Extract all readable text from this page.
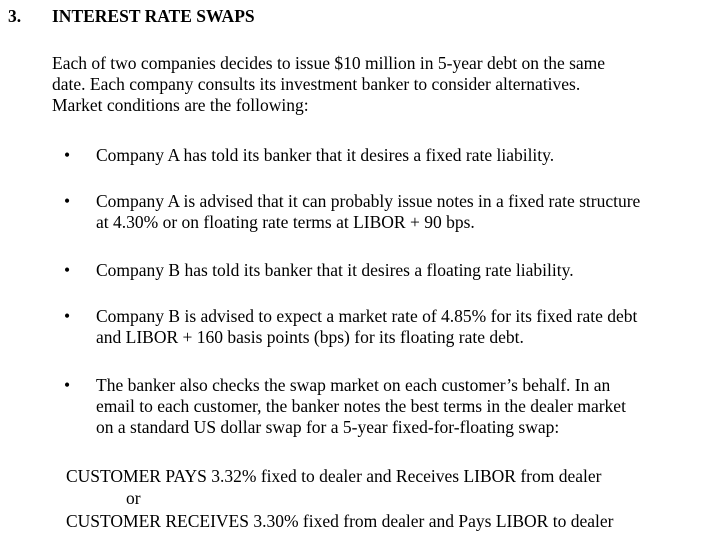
3. INTEREST RATE SWAPS
Each of two companies decides to issue $10 million in 5-year debt on the same
date. Each company consults its investment banker to consider alternatives.
Market conditions are the following:
• Company A has told its banker that it desires a fixed rate liability.
• Company A is advised that it can probably issue notes in a fixed rate structure
at 4.30% or on floating rate terms at LIBOR + 90 bps.
• Company B has told its banker that it desires a floating rate liability.
• Company B is advised to expect a market rate of 4.85% for its fixed rate debt
and LIBOR + 160 basis points (bps) for its floating rate debt.
• The banker also checks the swap market on each customer’s behalf. In an
email to each customer, the banker notes the best terms in the dealer market
on a standard US dollar swap for a 5-year fixed-for-floating swap:
CUSTOMER PAYS 3.32% fixed to dealer and Receives LIBOR from dealer
or
CUSTOMER RECEIVES 3.30% fixed from dealer and Pays LIBOR to dealer
